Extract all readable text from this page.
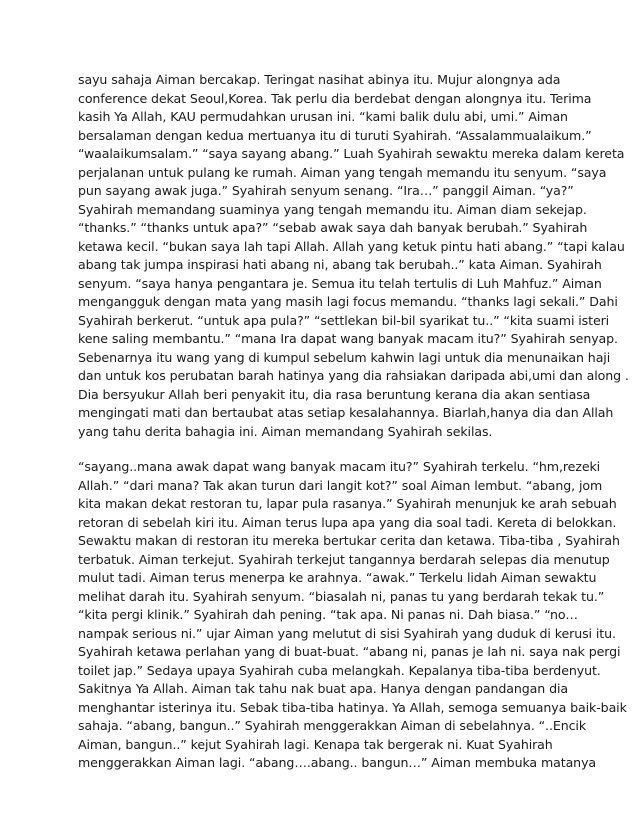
sayu sahaja Aiman bercakap. Teringat nasihat abinya itu. Mujur alongnya ada
conference dekat Seoul,Korea. Tak perlu dia berdebat dengan alongnya itu. Terima
kasih Ya Allah, KAU permudahkan urusan ini. “kami balik dulu abi, umi.” Aiman
bersalaman dengan kedua mertuanya itu di turuti Syahirah. “Assalammualaikum.”
“waalaikumsalam.” “saya sayang abang.” Luah Syahirah sewaktu mereka dalam kereta
perjalanan untuk pulang ke rumah. Aiman yang tengah memandu itu senyum. “saya
pun sayang awak juga.” Syahirah senyum senang. “Ira…” panggil Aiman. “ya?”
Syahirah memandang suaminya yang tengah memandu itu. Aiman diam sekejap.
“thanks.” “thanks untuk apa?” “sebab awak saya dah banyak berubah.” Syahirah
ketawa kecil. “bukan saya lah tapi Allah. Allah yang ketuk pintu hati abang.” “tapi kalau
abang tak jumpa inspirasi hati abang ni, abang tak berubah..” kata Aiman. Syahirah
senyum. “saya hanya pengantara je. Semua itu telah tertulis di Luh Mahfuz.” Aiman
mengangguk dengan mata yang masih lagi focus memandu. “thanks lagi sekali.” Dahi
Syahirah berkerut. “untuk apa pula?” “settlekan bil-bil syarikat tu..” “kita suami isteri
kene saling membantu.” “mana Ira dapat wang banyak macam itu?” Syahirah senyap.
Sebenarnya itu wang yang di kumpul sebelum kahwin lagi untuk dia menunaikan haji
dan untuk kos perubatan barah hatinya yang dia rahsiakan daripada abi,umi dan along .
Dia bersyukur Allah beri penyakit itu, dia rasa beruntung kerana dia akan sentiasa
mengingati mati dan bertaubat atas setiap kesalahannya. Biarlah,hanya dia dan Allah
yang tahu derita bahagia ini. Aiman memandang Syahirah sekilas.
“sayang..mana awak dapat wang banyak macam itu?” Syahirah terkelu. “hm,rezeki
Allah.” “dari mana? Tak akan turun dari langit kot?” soal Aiman lembut. “abang, jom
kita makan dekat restoran tu, lapar pula rasanya.” Syahirah menunjuk ke arah sebuah
retoran di sebelah kiri itu. Aiman terus lupa apa yang dia soal tadi. Kereta di belokkan.
Sewaktu makan di restoran itu mereka bertukar cerita dan ketawa. Tiba-tiba , Syahirah
terbatuk. Aiman terkejut. Syahirah terkejut tangannya berdarah selepas dia menutup
mulut tadi. Aiman terus menerpa ke arahnya. “awak.” Terkelu lidah Aiman sewaktu
melihat darah itu. Syahirah senyum. “biasalah ni, panas tu yang berdarah tekak tu.”
“kita pergi klinik.” Syahirah dah pening. “tak apa. Ni panas ni. Dah biasa.” “no…
nampak serious ni.” ujar Aiman yang melutut di sisi Syahirah yang duduk di kerusi itu.
Syahirah ketawa perlahan yang di buat-buat. “abang ni, panas je lah ni. saya nak pergi
toilet jap.” Sedaya upaya Syahirah cuba melangkah. Kepalanya tiba-tiba berdenyut.
Sakitnya Ya Allah. Aiman tak tahu nak buat apa. Hanya dengan pandangan dia
menghantar isterinya itu. Sebak tiba-tiba hatinya. Ya Allah, semoga semuanya baik-baik
sahaja. “abang, bangun..” Syahirah menggerakkan Aiman di sebelahnya. “..Encik
Aiman, bangun..” kejut Syahirah lagi. Kenapa tak bergerak ni. Kuat Syahirah
menggerakkan Aiman lagi. “abang….abang.. bangun…” Aiman membuka matanya
